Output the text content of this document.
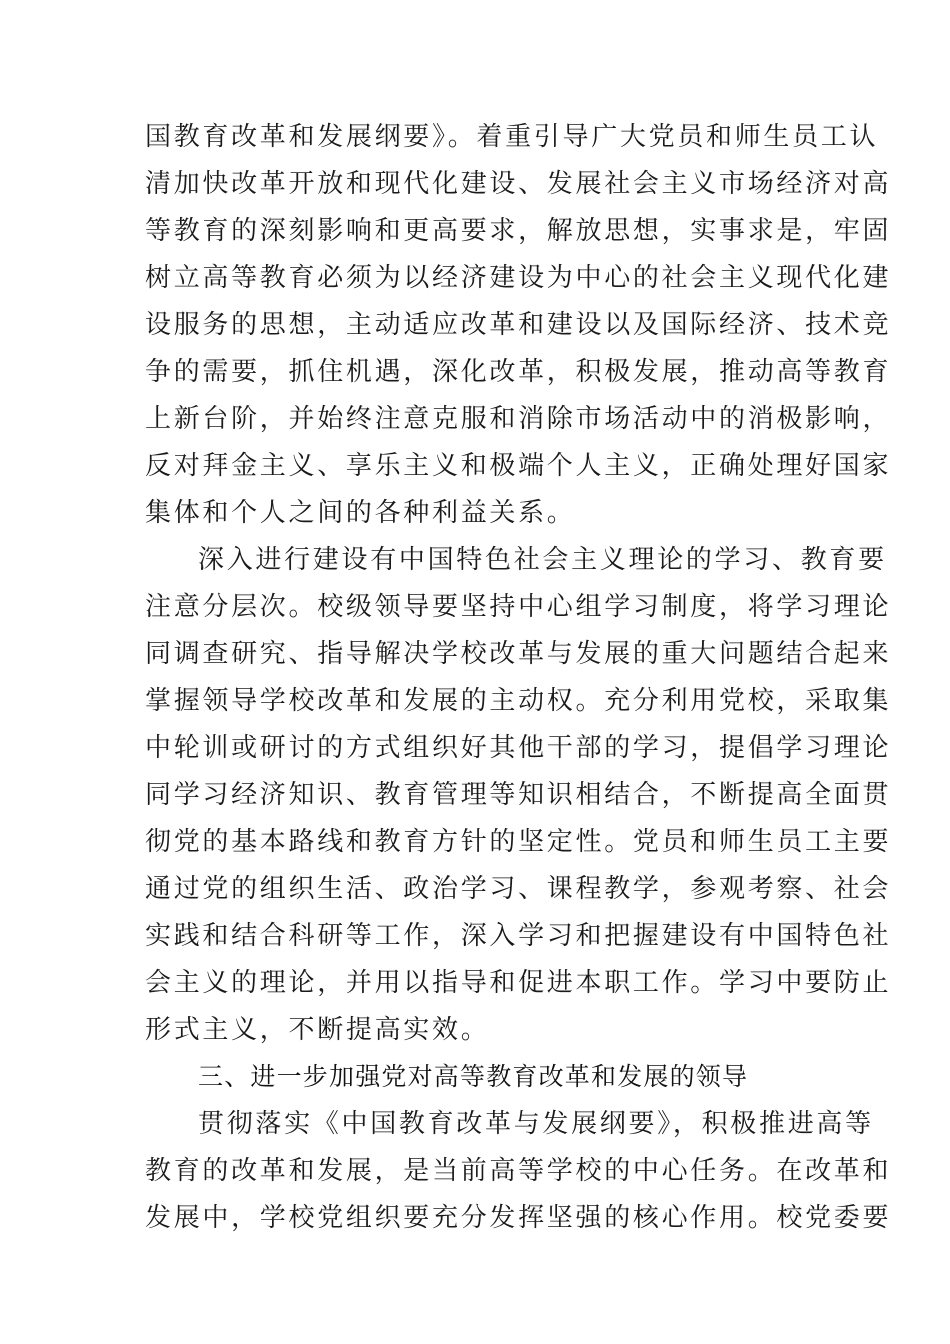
国教育改革和发展纲要》。着重引导广大党员和师生员工认
清加快改革开放和现代化建设、发展社会主义市场经济对高
等教育的深刻影响和更高要求，解放思想，实事求是，牢固
树立高等教育必须为以经济建设为中心的社会主义现代化建
设服务的思想，主动适应改革和建设以及国际经济、技术竞
争的需要，抓住机遇，深化改革，积极发展，推动高等教育
上新台阶，并始终注意克服和消除市场活动中的消极影响，
反对拜金主义、享乐主义和极端个人主义，正确处理好国家
集体和个人之间的各种利益关系。
深入进行建设有中国特色社会主义理论的学习、教育要
注意分层次。校级领导要坚持中心组学习制度，将学习理论
同调查研究、指导解决学校改革与发展的重大问题结合起来
掌握领导学校改革和发展的主动权。充分利用党校，采取集
中轮训或研讨的方式组织好其他干部的学习，提倡学习理论
同学习经济知识、教育管理等知识相结合，不断提高全面贯
彻党的基本路线和教育方针的坚定性。党员和师生员工主要
通过党的组织生活、政治学习、课程教学，参观考察、社会
实践和结合科研等工作，深入学习和把握建设有中国特色社
会主义的理论，并用以指导和促进本职工作。学习中要防止
形式主义，不断提高实效。
三、进一步加强党对高等教育改革和发展的领导
贯彻落实《中国教育改革与发展纲要》，积极推进高等
教育的改革和发展，是当前高等学校的中心任务。在改革和
发展中，学校党组织要充分发挥坚强的核心作用。校党委要
